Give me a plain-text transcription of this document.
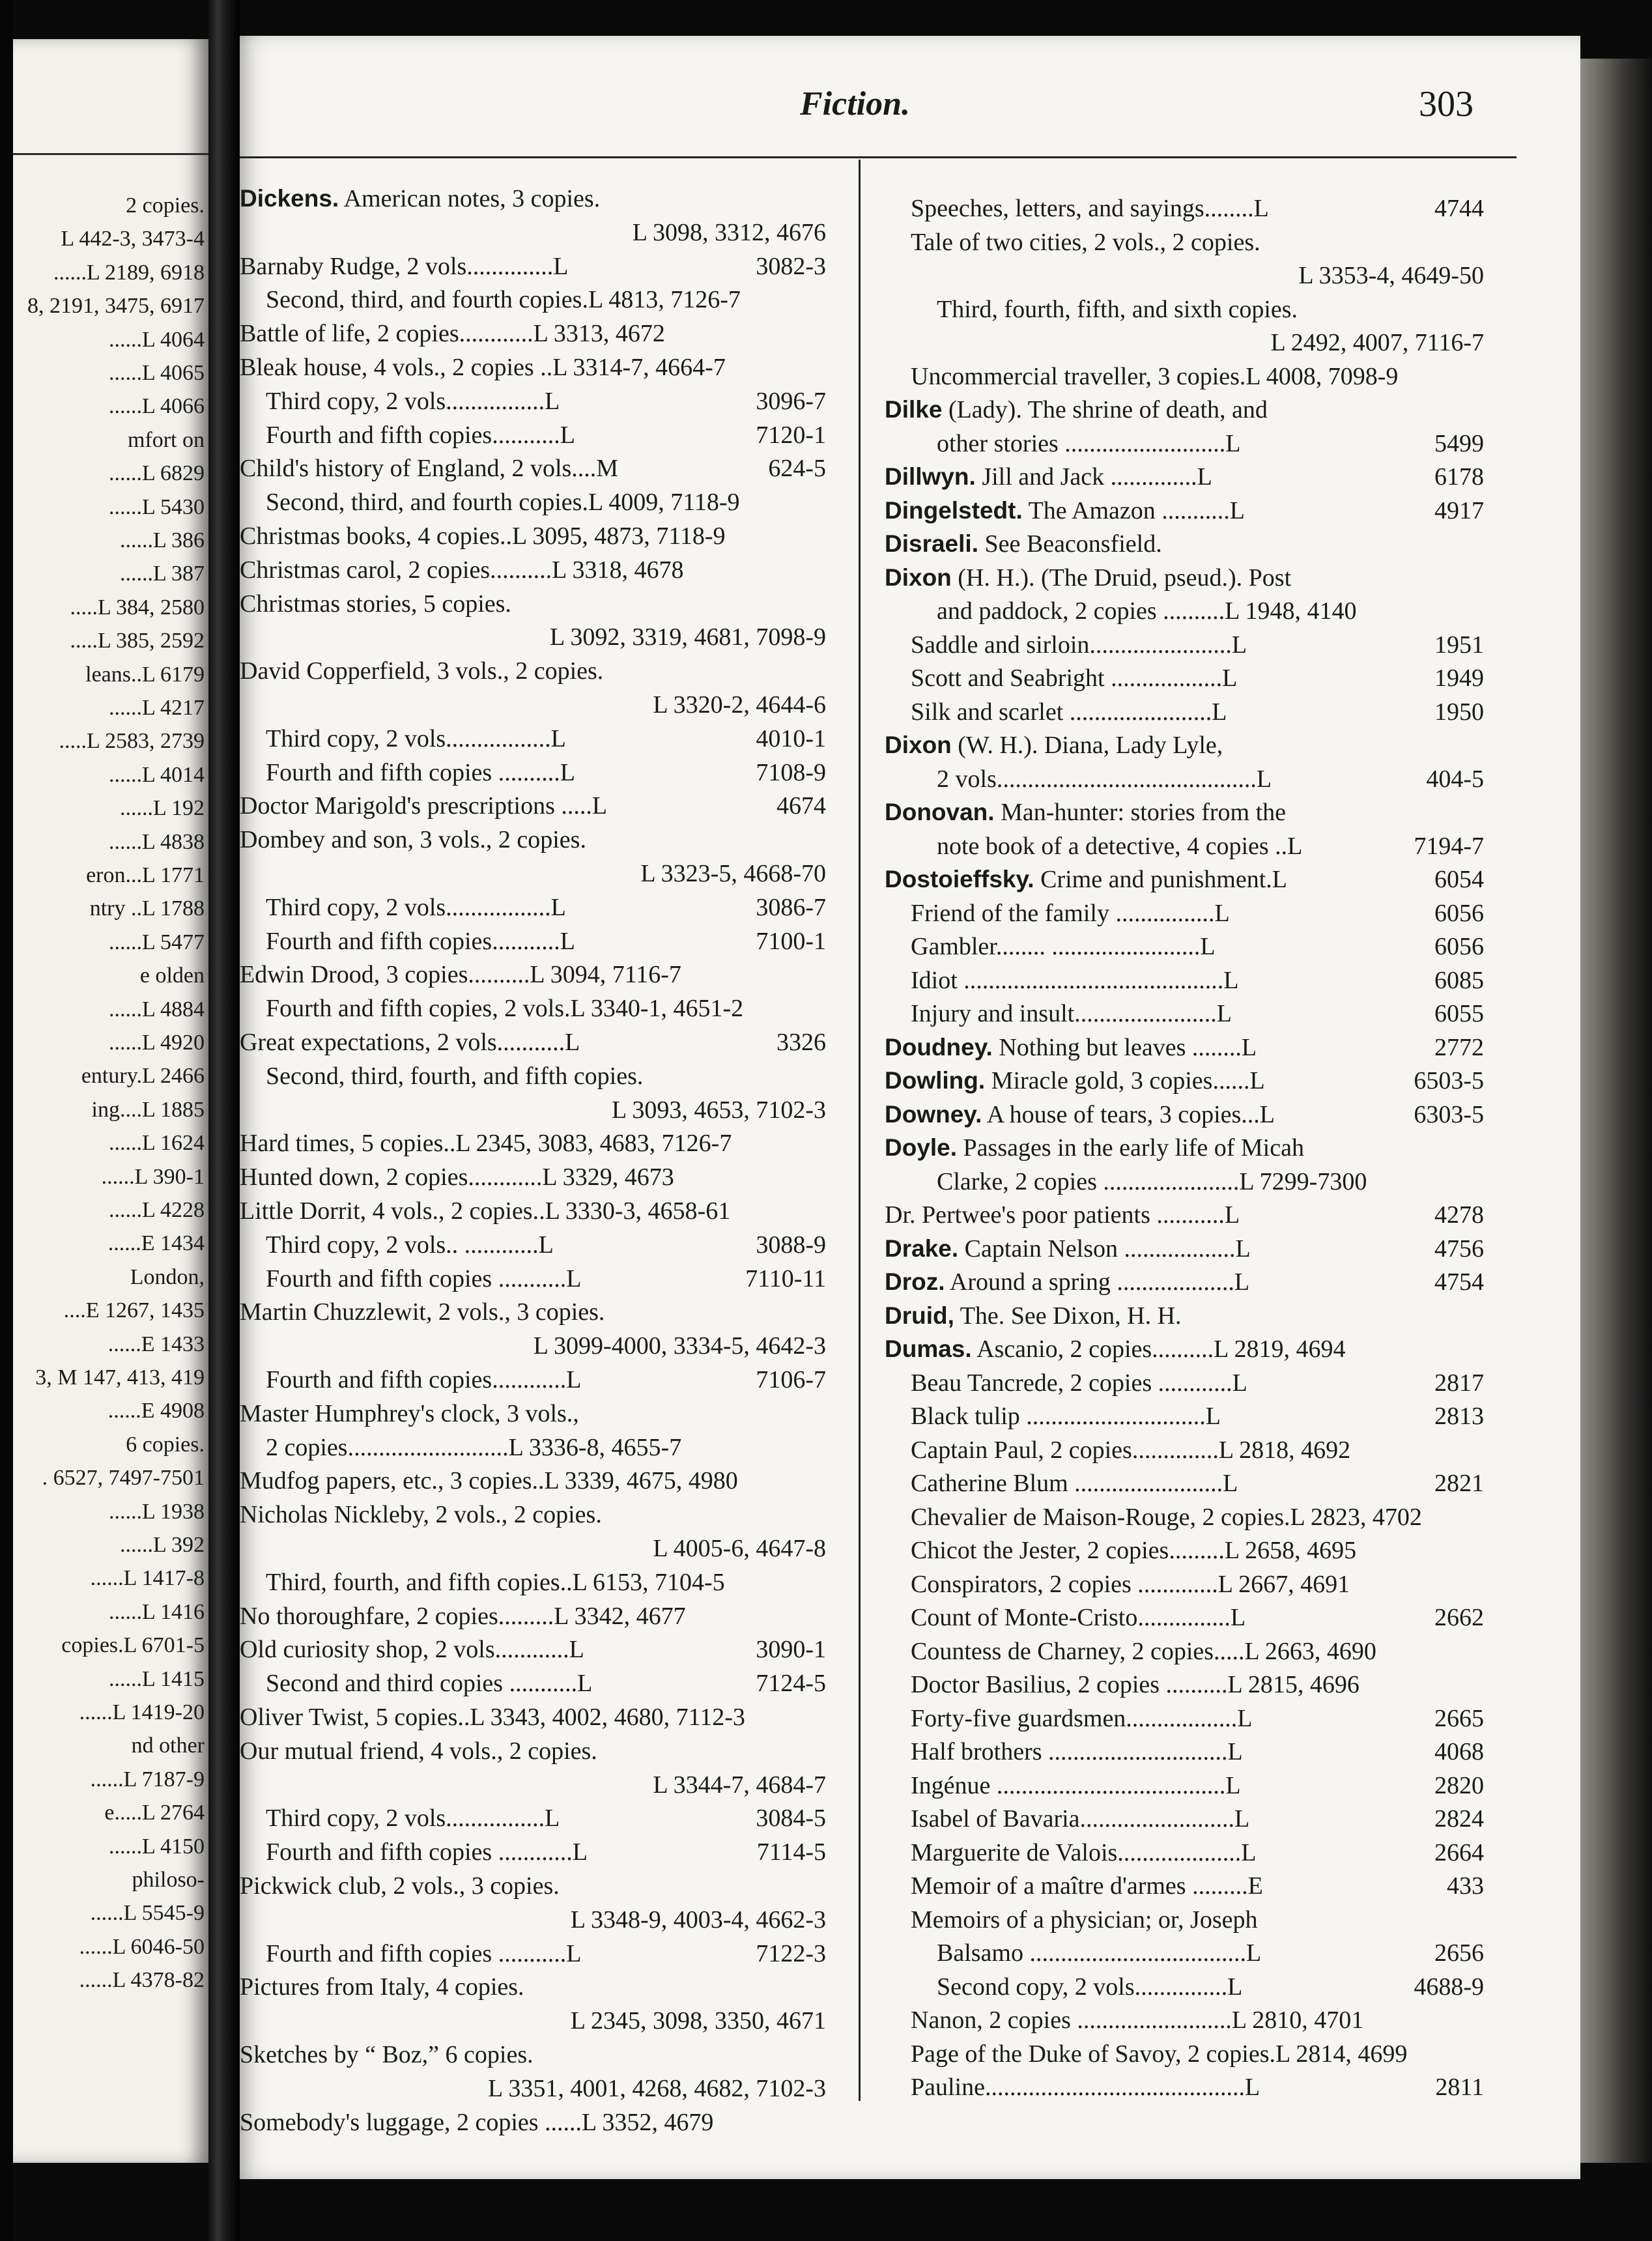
2 copies.
L 442-3, 3473-4
......L 2189, 6918
8, 2191, 3475, 6917
......L 4064
......L 4065
......L 4066
mfort on
......L 6829
......L 5430
......L 386
......L 387
.....L 384, 2580
.....L 385, 2592
leans..L 6179
......L 4217
.....L 2583, 2739
......L 4014
......L 192
......L 4838
eron...L 1771
ntry ..L 1788
......L 5477
e olden
......L 4884
......L 4920
entury.L 2466
ing....L 1885
......L 1624
......L 390-1
......L 4228
......E 1434
London,
....E 1267, 1435
......E 1433
3, M 147, 413, 419
......E 4908
6 copies.
. 6527, 7497-7501
......L 1938
......L 392
......L 1417-8
......L 1416
copies.L 6701-5
......L 1415
......L 1419-20
nd other
......L 7187-9
e.....L 2764
......L 4150
philoso-
......L 5545-9
......L 6046-50
......L 4378-82
Fiction.	303
Dickens. American notes, 3 copies.
L 3098, 3312, 4676
Barnaby Rudge, 2 vols..............L	3082-3
Second, third, and fourth copies.L 4813, 7126-7
Battle of life, 2 copies............L 3313, 4672
Bleak house, 4 vols., 2 copies ..L 3314-7, 4664-7
Third copy, 2 vols................L	3096-7
Fourth and fifth copies...........L	7120-1
Child's history of England, 2 vols....M	624-5
Second, third, and fourth copies.L 4009, 7118-9
Christmas books, 4 copies..L 3095, 4873, 7118-9
Christmas carol, 2 copies..........L 3318, 4678
Christmas stories, 5 copies.
L 3092, 3319, 4681, 7098-9
David Copperfield, 3 vols., 2 copies.
L 3320-2, 4644-6
Third copy, 2 vols.................L	4010-1
Fourth and fifth copies ..........L	7108-9
Doctor Marigold's prescriptions .....L	4674
Dombey and son, 3 vols., 2 copies.
L 3323-5, 4668-70
Third copy, 2 vols.................L	3086-7
Fourth and fifth copies...........L	7100-1
Edwin Drood, 3 copies..........L 3094, 7116-7
Fourth and fifth copies, 2 vols.L 3340-1, 4651-2
Great expectations, 2 vols...........L	3326
Second, third, fourth, and fifth copies.
L 3093, 4653, 7102-3
Hard times, 5 copies..L 2345, 3083, 4683, 7126-7
Hunted down, 2 copies............L 3329, 4673
Little Dorrit, 4 vols., 2 copies..L 3330-3, 4658-61
Third copy, 2 vols.. ............L	3088-9
Fourth and fifth copies ...........L	7110-11
Martin Chuzzlewit, 2 vols., 3 copies.
L 3099-4000, 3334-5, 4642-3
Fourth and fifth copies............L	7106-7
Master Humphrey's clock, 3 vols.,
2 copies..........................L 3336-8, 4655-7
Mudfog papers, etc., 3 copies..L 3339, 4675, 4980
Nicholas Nickleby, 2 vols., 2 copies.
L 4005-6, 4647-8
Third, fourth, and fifth copies..L 6153, 7104-5
No thoroughfare, 2 copies.........L 3342, 4677
Old curiosity shop, 2 vols............L	3090-1
Second and third copies ...........L	7124-5
Oliver Twist, 5 copies..L 3343, 4002, 4680, 7112-3
Our mutual friend, 4 vols., 2 copies.
L 3344-7, 4684-7
Third copy, 2 vols................L	3084-5
Fourth and fifth copies ............L	7114-5
Pickwick club, 2 vols., 3 copies.
L 3348-9, 4003-4, 4662-3
Fourth and fifth copies ...........L	7122-3
Pictures from Italy, 4 copies.
L 2345, 3098, 3350, 4671
Sketches by “ Boz,” 6 copies.
L 3351, 4001, 4268, 4682, 7102-3
Somebody's luggage, 2 copies ......L 3352, 4679
Speeches, letters, and sayings........L	4744
Tale of two cities, 2 vols., 2 copies.
L 3353-4, 4649-50
Third, fourth, fifth, and sixth copies.
L 2492, 4007, 7116-7
Uncommercial traveller, 3 copies.L 4008, 7098-9
Dilke (Lady). The shrine of death, and
other stories ..........................L	5499
Dillwyn. Jill and Jack ..............L	6178
Dingelstedt. The Amazon ...........L	4917
Disraeli. See Beaconsfield.
Dixon (H. H.). (The Druid, pseud.). Post
and paddock, 2 copies ..........L 1948, 4140
Saddle and sirloin.......................L	1951
Scott and Seabright ..................L	1949
Silk and scarlet .......................L	1950
Dixon (W. H.). Diana, Lady Lyle,
2 vols..........................................L	404-5
Donovan. Man-hunter: stories from the
note book of a detective, 4 copies ..L	7194-7
Dostoieffsky. Crime and punishment.L	6054
Friend of the family ................L	6056
Gambler........ ........................L	6056
Idiot ..........................................L	6085
Injury and insult.......................L	6055
Doudney. Nothing but leaves ........L	2772
Dowling. Miracle gold, 3 copies......L	6503-5
Downey. A house of tears, 3 copies...L	6303-5
Doyle. Passages in the early life of Micah
Clarke, 2 copies ......................L 7299-7300
Dr. Pertwee's poor patients ...........L	4278
Drake. Captain Nelson ..................L	4756
Droz. Around a spring ...................L	4754
Druid, The. See Dixon, H. H.
Dumas. Ascanio, 2 copies..........L 2819, 4694
Beau Tancrede, 2 copies ............L	2817
Black tulip .............................L	2813
Captain Paul, 2 copies..............L 2818, 4692
Catherine Blum ........................L	2821
Chevalier de Maison-Rouge, 2 copies.L 2823, 4702
Chicot the Jester, 2 copies.........L 2658, 4695
Conspirators, 2 copies .............L 2667, 4691
Count of Monte-Cristo...............L	2662
Countess de Charney, 2 copies.....L 2663, 4690
Doctor Basilius, 2 copies ..........L 2815, 4696
Forty-five guardsmen..................L	2665
Half brothers .............................L	4068
Ingénue .....................................L	2820
Isabel of Bavaria.........................L	2824
Marguerite de Valois....................L	2664
Memoir of a maître d'armes .........E	433
Memoirs of a physician; or, Joseph
Balsamo ...................................L	2656
Second copy, 2 vols...............L	4688-9
Nanon, 2 copies .........................L 2810, 4701
Page of the Duke of Savoy, 2 copies.L 2814, 4699
Pauline..........................................L	2811
